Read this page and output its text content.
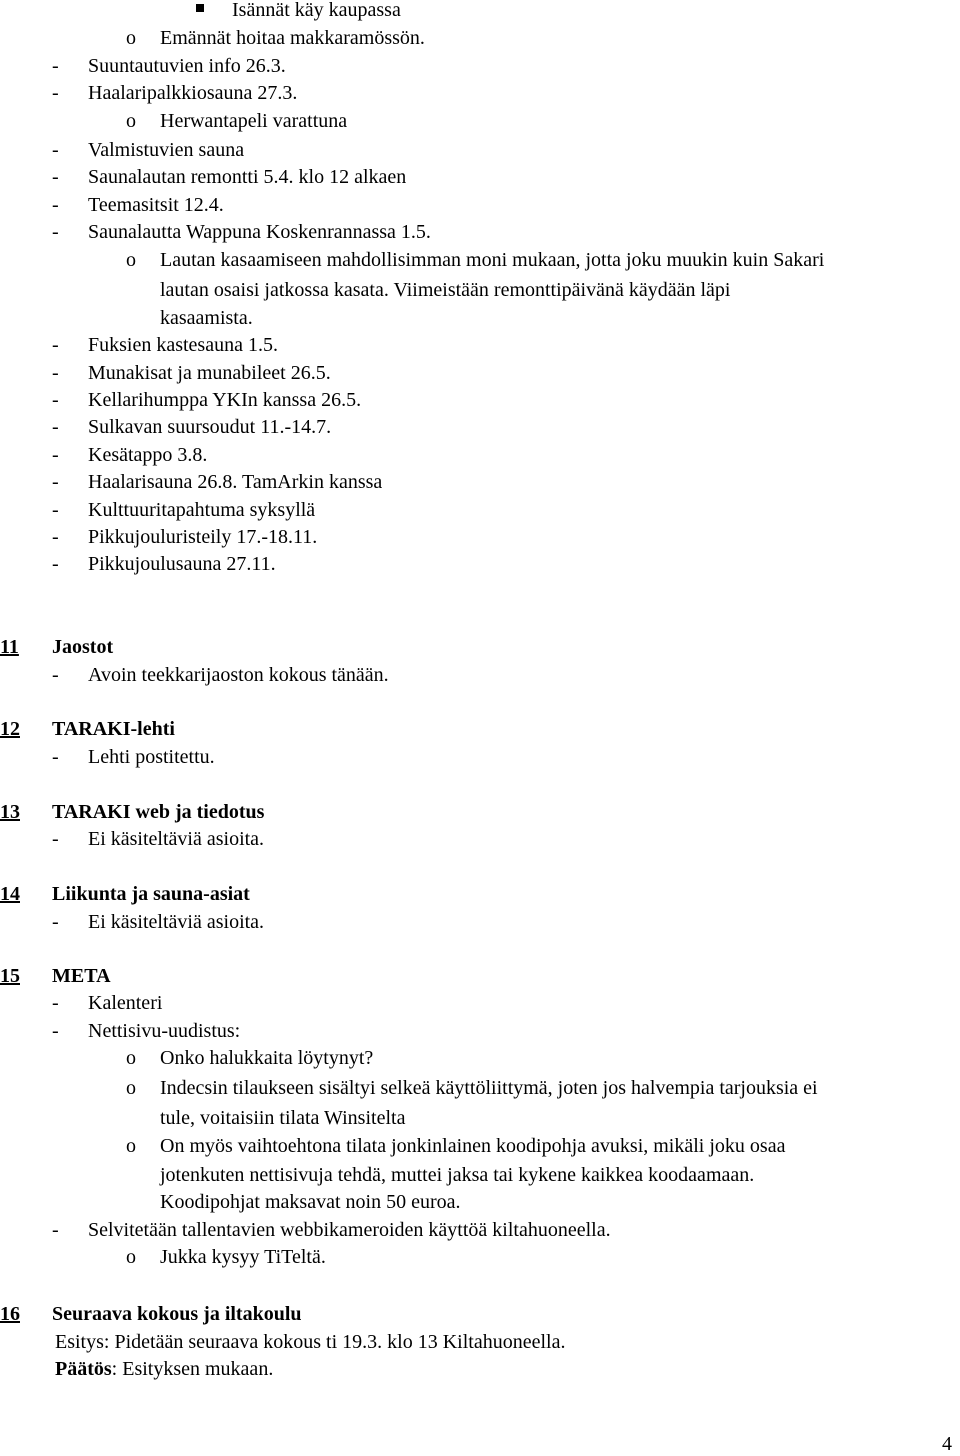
Isännät käy kaupassa
o Emännät hoitaa makkaramössön.
- Suuntautuvien info 26.3.
- Haalaripalkkiosauna 27.3.
o Herwantapeli varattuna
- Valmistuvien sauna
- Saunalautan remontti 5.4. klo 12 alkaen
- Teemasitsit 12.4.
- Saunalautta Wappuna Koskenrannassa 1.5.
o Lautan kasaamiseen mahdollisimman moni mukaan, jotta joku muukin kuin Sakari
lautan osaisi jatkossa kasata. Viimeistään remonttipäivänä käydään läpi
kasaamista.
- Fuksien kastesauna 1.5.
- Munakisat ja munabileet 26.5.
- Kellarihumppa YKIn kanssa 26.5.
- Sulkavan suursoudut 11.-14.7.
- Kesätappo 3.8.
- Haalarisauna 26.8. TamArkin kanssa
- Kulttuuritapahtuma syksyllä
- Pikkujouluristeily 17.-18.11.
- Pikkujoulusauna 27.11.
11 Jaostot
- Avoin teekkarijaoston kokous tänään.
12 TARAKI-lehti
- Lehti postitettu.
13 TARAKI web ja tiedotus
- Ei käsiteltäviä asioita.
14 Liikunta ja sauna-asiat
- Ei käsiteltäviä asioita.
15 META
- Kalenteri
- Nettisivu-uudistus:
o Onko halukkaita löytynyt?
o Indecsin tilaukseen sisältyi selkeä käyttöliittymä, joten jos halvempia tarjouksia ei
tule, voitaisiin tilata Winsitelta
o On myös vaihtoehtona tilata jonkinlainen koodipohja avuksi, mikäli joku osaa
jotenkuten nettisivuja tehdä, muttei jaksa tai kykene kaikkea koodaamaan.
Koodipohjat maksavat noin 50 euroa.
- Selvitetään tallentavien webbikameroiden käyttöä kiltahuoneella.
o Jukka kysyy TiTeltä.
16 Seuraava kokous ja iltakoulu
Esitys: Pidetään seuraava kokous ti 19.3. klo 13 Kiltahuoneella.
Päätös: Esityksen mukaan.
4
